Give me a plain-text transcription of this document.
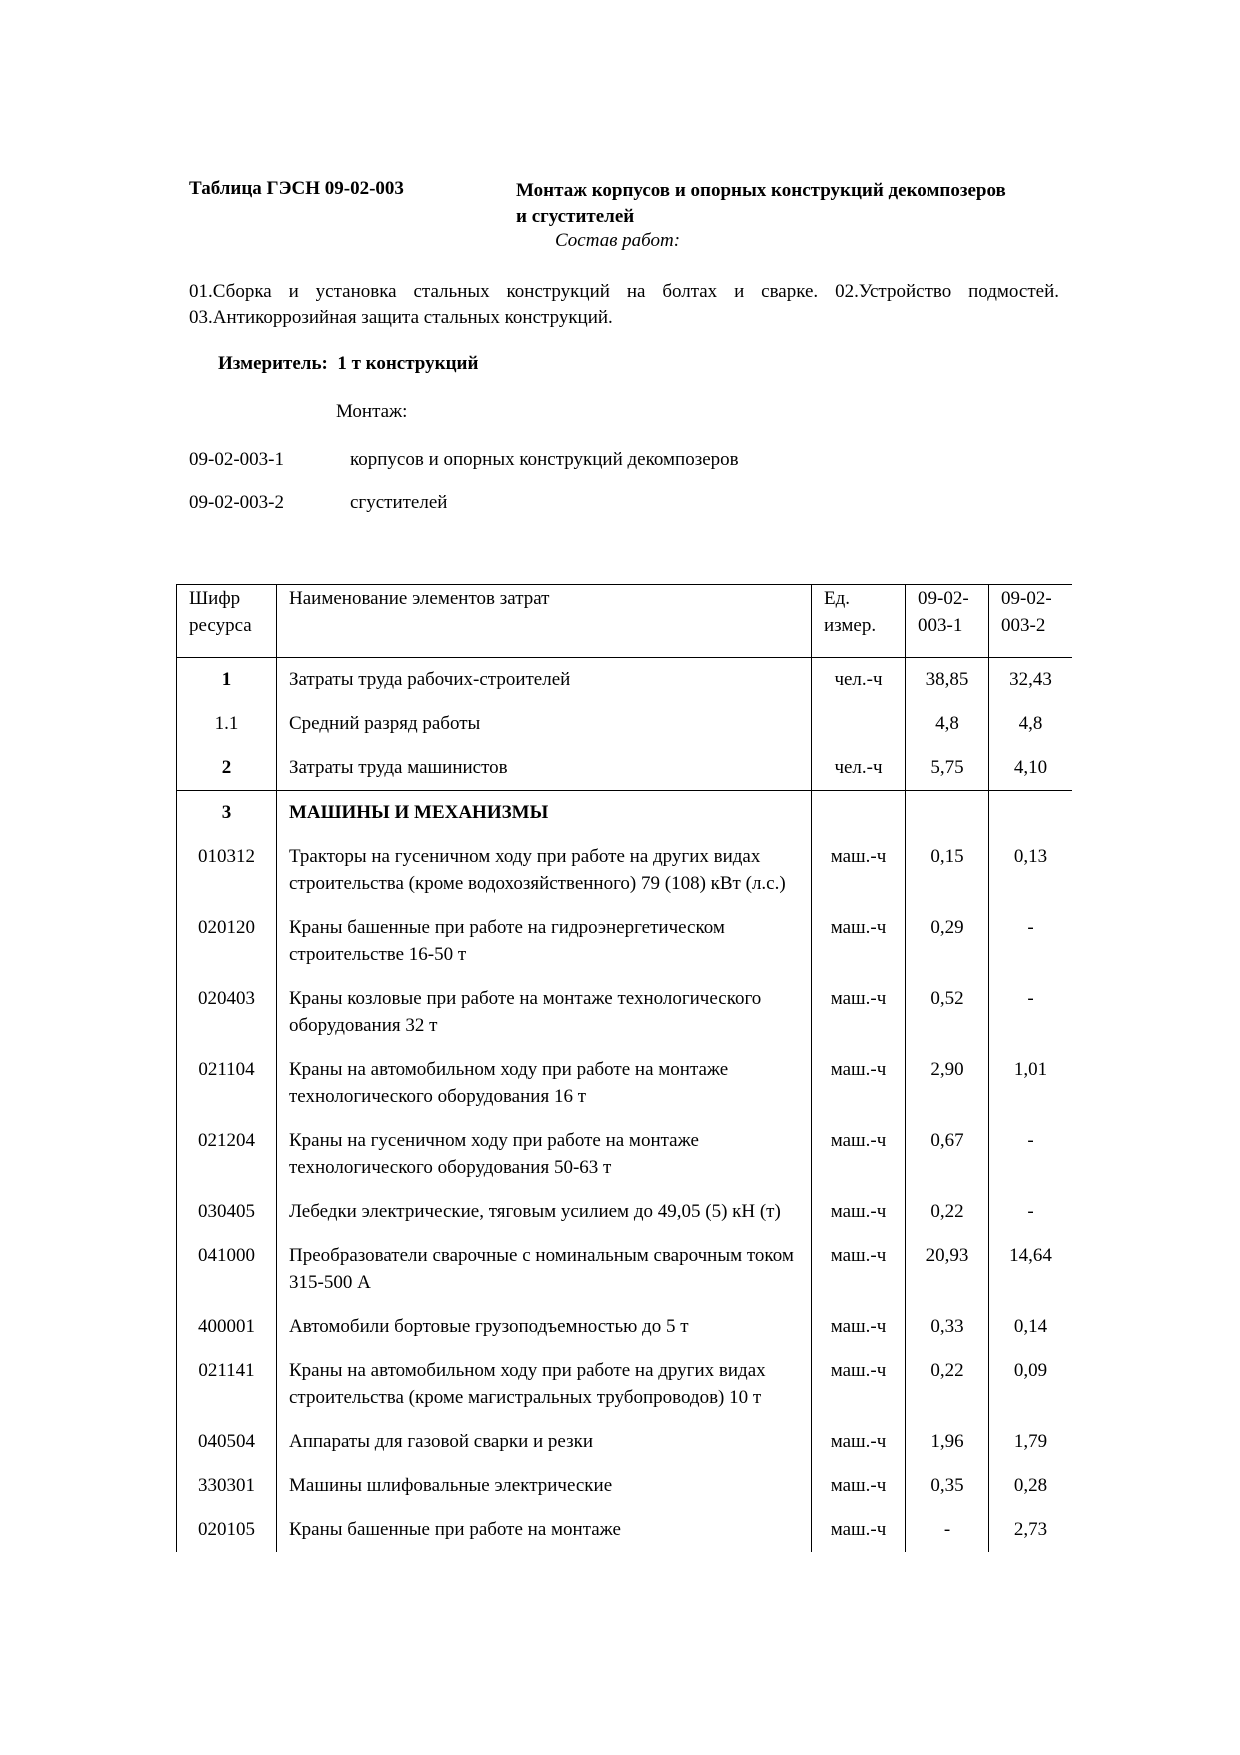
Таблица ГЭСН 09-02-003	Монтаж корпусов и опорных конструкций декомпозеров
и сгустителей
Состав работ:
01.Сборка и установка стальных конструкций на болтах и сварке. 02.Устройство подмостей.
03.Антикоррозийная защита стальных конструкций.
Измеритель:  1 т конструкций
Монтаж:
09-02-003-1	корпусов и опорных конструкций декомпозеров
09-02-003-2	сгустителей
Шифр ресурса	Наименование элементов затрат	Ед. измер.	09-02-003-1	09-02-003-2
1	Затраты труда рабочих-строителей	чел.-ч	38,85	32,43
1.1	Средний разряд работы		4,8	4,8
2	Затраты труда машинистов	чел.-ч	5,75	4,10
3	МАШИНЫ И МЕХАНИЗМЫ			
010312	Тракторы на гусеничном ходу при работе на других видах строительства (кроме водохозяйственного) 79 (108) кВт (л.с.)	маш.-ч	0,15	0,13
020120	Краны башенные при работе на гидроэнергетическом строительстве 16-50 т	маш.-ч	0,29	-
020403	Краны козловые при работе на монтаже технологического оборудования 32 т	маш.-ч	0,52	-
021104	Краны на автомобильном ходу при работе на монтаже технологического оборудования 16 т	маш.-ч	2,90	1,01
021204	Краны на гусеничном ходу при работе на монтаже технологического оборудования 50-63 т	маш.-ч	0,67	-
030405	Лебедки электрические, тяговым усилием до 49,05 (5) кН (т)	маш.-ч	0,22	-
041000	Преобразователи сварочные с номинальным сварочным током 315-500 А	маш.-ч	20,93	14,64
400001	Автомобили бортовые грузоподъемностью до 5 т	маш.-ч	0,33	0,14
021141	Краны на автомобильном ходу при работе на других видах строительства (кроме магистральных трубопроводов) 10 т	маш.-ч	0,22	0,09
040504	Аппараты для газовой сварки и резки	маш.-ч	1,96	1,79
330301	Машины шлифовальные электрические	маш.-ч	0,35	0,28
020105	Краны башенные при работе на монтаже	маш.-ч	-	2,73
